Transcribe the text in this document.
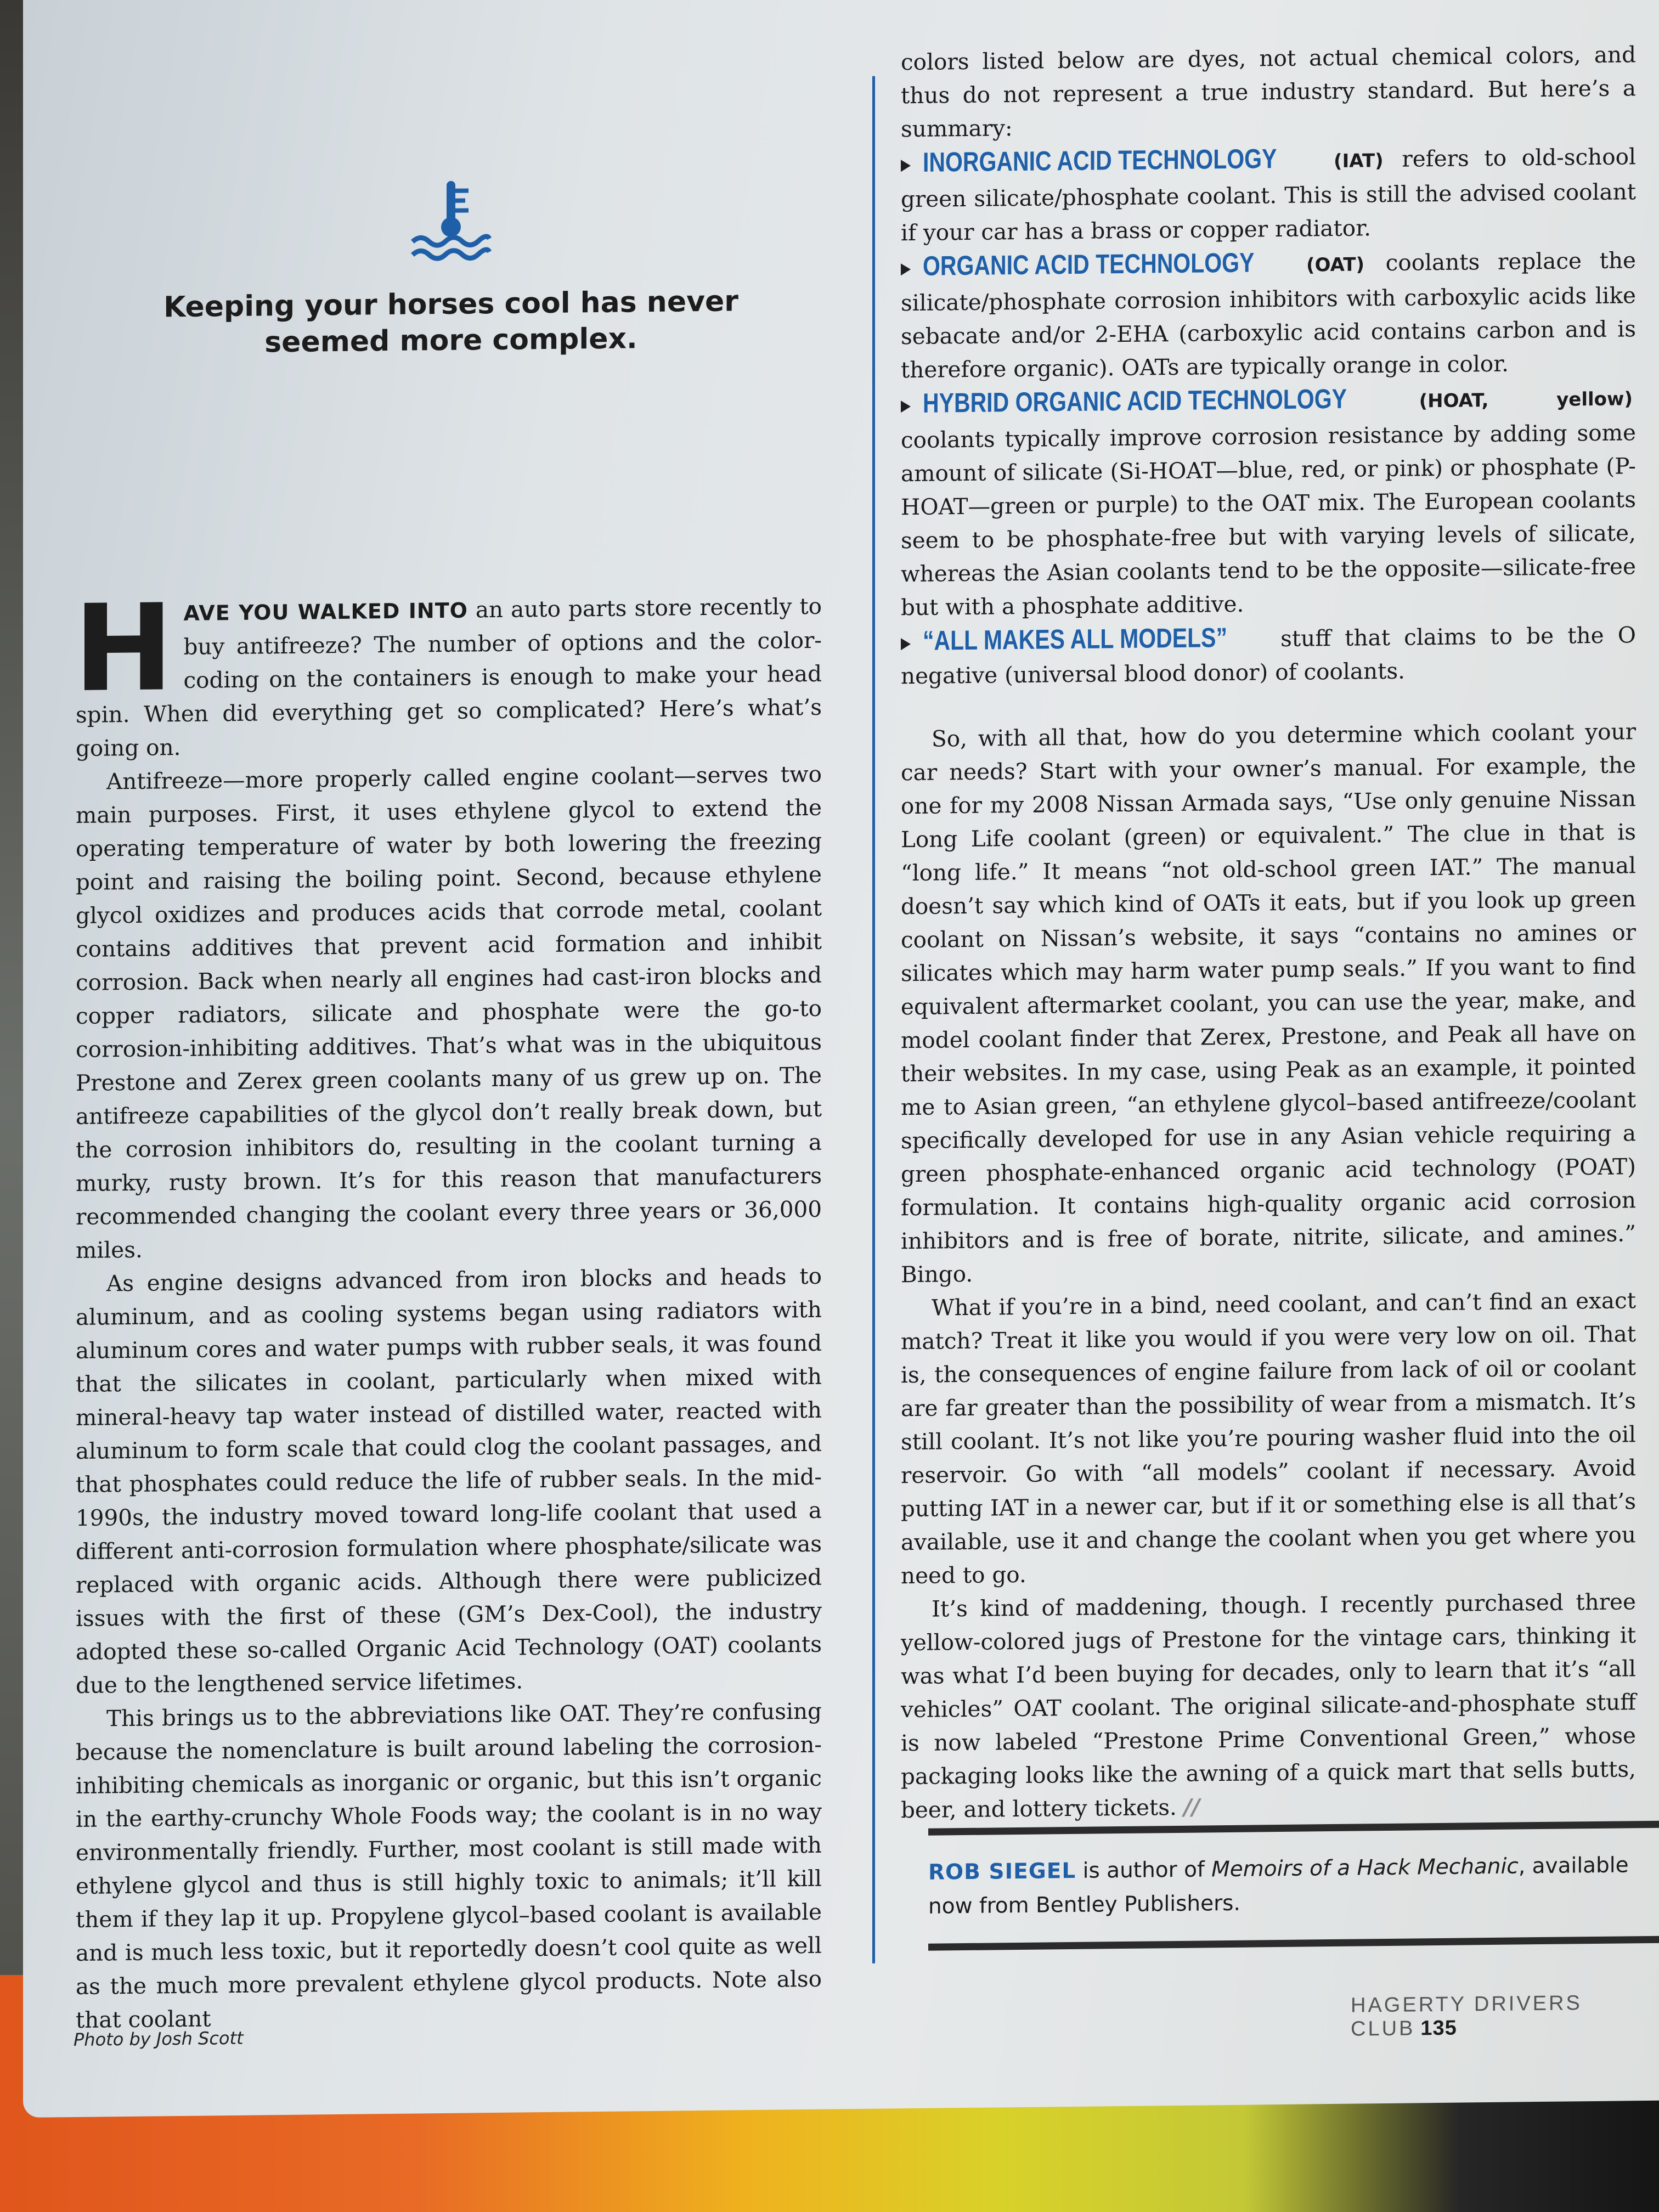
Keeping your horses cool has never seemed more complex.

HAVE YOU WALKED INTO an auto parts store recently to buy antifreeze? The number of options and the color-coding on the containers is enough to make your head spin. When did everything get so complicated? Here’s what’s going on.

Antifreeze—more properly called engine coolant—serves two main purposes. First, it uses ethylene glycol to extend the operating temperature of water by both lowering the freezing point and raising the boiling point. Second, because ethylene glycol oxidizes and produces acids that corrode metal, coolant contains additives that prevent acid formation and inhibit corrosion. Back when nearly all engines had cast-iron blocks and copper radiators, silicate and phosphate were the go-to corrosion-inhibiting additives. That’s what was in the ubiquitous Prestone and Zerex green coolants many of us grew up on. The antifreeze capabilities of the glycol don’t really break down, but the corrosion inhibitors do, resulting in the coolant turning a murky, rusty brown. It’s for this reason that manufacturers recommended changing the coolant every three years or 36,000 miles.

As engine designs advanced from iron blocks and heads to aluminum, and as cooling systems began using radiators with aluminum cores and water pumps with rubber seals, it was found that the silicates in coolant, particularly when mixed with mineral-heavy tap water instead of distilled water, reacted with aluminum to form scale that could clog the coolant passages, and that phosphates could reduce the life of rubber seals. In the mid-1990s, the industry moved toward long-life coolant that used a different anti-corrosion formulation where phosphate/silicate was replaced with organic acids. Although there were publicized issues with the first of these (GM’s Dex-Cool), the industry adopted these so-called Organic Acid Technology (OAT) coolants due to the lengthened service lifetimes.

This brings us to the abbreviations like OAT. They’re confusing because the nomenclature is built around labeling the corrosion-inhibiting chemicals as inorganic or organic, but this isn’t organic in the earthy-crunchy Whole Foods way; the coolant is in no way environmentally friendly. Further, most coolant is still made with ethylene glycol and thus is still highly toxic to animals; it’ll kill them if they lap it up. Propylene glycol–based coolant is available and is much less toxic, but it reportedly doesn’t cool quite as well as the much more prevalent ethylene glycol products. Note also that coolant

colors listed below are dyes, not actual chemical colors, and thus do not represent a true industry standard. But here’s a summary:

INORGANIC ACID TECHNOLOGY	(IAT) refers to old-school green silicate/phosphate coolant. This is still the advised coolant if your car has a brass or copper radiator.

ORGANIC ACID TECHNOLOGY	(OAT) coolants replace the silicate/phosphate corrosion inhibitors with carboxylic acids like sebacate and/or 2-EHA (carboxylic acid contains carbon and is therefore organic). OATs are typically orange in color.

HYBRID ORGANIC ACID TECHNOLOGY	(HOAT, yellow) coolants typically improve corrosion resistance by adding some amount of silicate (Si-HOAT—blue, red, or pink) or phosphate (P-HOAT—green or purple) to the OAT mix. The European coolants seem to be phosphate-free but with varying levels of silicate, whereas the Asian coolants tend to be the opposite—silicate-free but with a phosphate additive.

“ALL MAKES ALL MODELS” stuff that claims to be the O negative (universal blood donor) of coolants.

So, with all that, how do you determine which coolant your car needs? Start with your owner’s manual. For example, the one for my 2008 Nissan Armada says, “Use only genuine Nissan Long Life coolant (green) or equivalent.” The clue in that is “long life.” It means “not old-school green IAT.” The manual doesn’t say which kind of OATs it eats, but if you look up green coolant on Nissan’s website, it says “contains no amines or silicates which may harm water pump seals.” If you want to find equivalent aftermarket coolant, you can use the year, make, and model coolant finder that Zerex, Prestone, and Peak all have on their websites. In my case, using Peak as an example, it pointed me to Asian green, “an ethylene glycol–based antifreeze/coolant specifically developed for use in any Asian vehicle requiring a green phosphate-enhanced organic acid technology (POAT) formulation. It contains high-quality organic acid corrosion inhibitors and is free of borate, nitrite, silicate, and amines.” Bingo.

What if you’re in a bind, need coolant, and can’t find an exact match? Treat it like you would if you were very low on oil. That is, the consequences of engine failure from lack of oil or coolant are far greater than the possibility of wear from a mismatch. It’s still coolant. It’s not like you’re pouring washer fluid into the oil reservoir. Go with “all models” coolant if necessary. Avoid putting IAT in a newer car, but if it or something else is all that’s available, use it and change the coolant when you get where you need to go.

It’s kind of maddening, though. I recently purchased three yellow-colored jugs of Prestone for the vintage cars, thinking it was what I’d been buying for decades, only to learn that it’s “all vehicles” OAT coolant. The original silicate-and-phosphate stuff is now labeled “Prestone Prime Conventional Green,” whose packaging looks like the awning of a quick mart that sells butts, beer, and lottery tickets. //

ROB SIEGEL is author of Memoirs of a Hack Mechanic, available now from Bentley Publishers.
HAGERTY DRIVERS CLUB 135
Photo by Josh Scott
